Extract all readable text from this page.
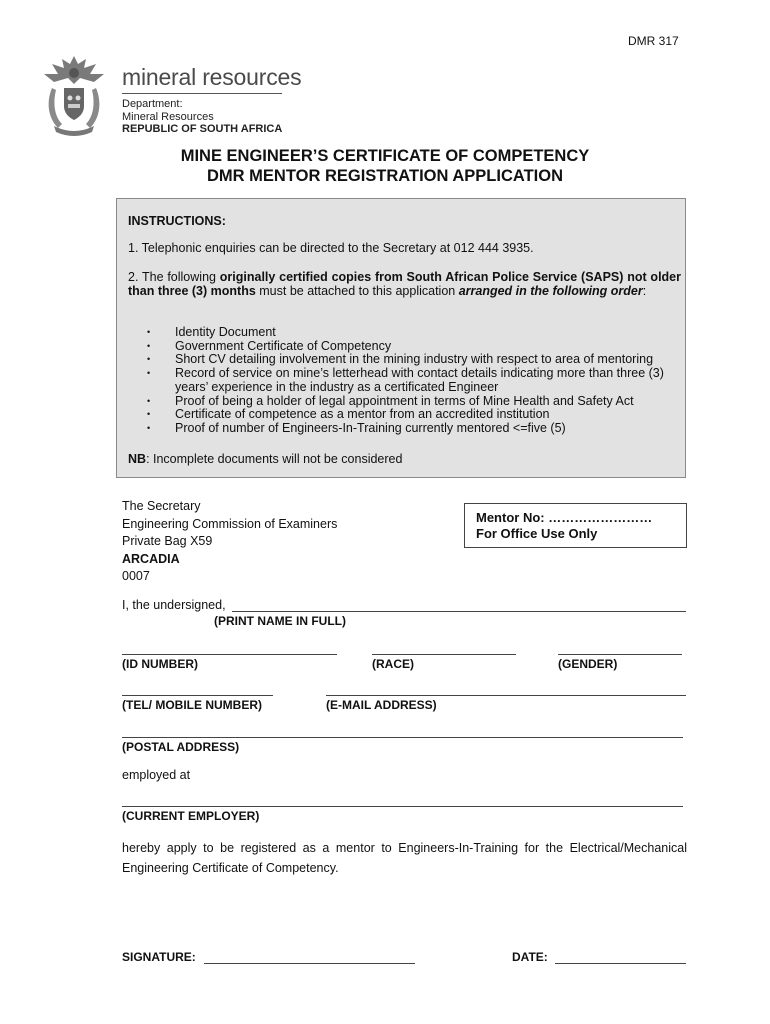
DMR 317
mineral resources
Department:
Mineral Resources
REPUBLIC OF SOUTH AFRICA
MINE ENGINEER’S CERTIFICATE OF COMPETENCY
DMR MENTOR REGISTRATION APPLICATION
INSTRUCTIONS:
1. Telephonic enquiries can be directed to the Secretary at 012 444 3935.
2. The following originally certified copies from South African Police Service (SAPS) not older than three (3) months must be attached to this application arranged in the following order:
• Identity Document
• Government Certificate of Competency
• Short CV detailing involvement in the mining industry with respect to area of mentoring
• Record of service on mine’s letterhead with contact details indicating more than three (3) years’ experience in the industry as a certificated Engineer
• Proof of being a holder of legal appointment in terms of Mine Health and Safety Act
• Certificate of competence as a mentor from an accredited institution
• Proof of number of Engineers-In-Training currently mentored <=five (5)
NB: Incomplete documents will not be considered
The Secretary
Engineering Commission of Examiners
Private Bag X59
ARCADIA
0007
Mentor No: ……………………
For Office Use Only
I, the undersigned,
(PRINT NAME IN FULL)
(ID NUMBER)	(RACE)	(GENDER)
(TEL/ MOBILE NUMBER)	(E-MAIL ADDRESS)
(POSTAL ADDRESS)
employed at
(CURRENT EMPLOYER)
hereby apply to be registered as a mentor to Engineers-In-Training for the Electrical/Mechanical Engineering Certificate of Competency.
SIGNATURE:	DATE:
